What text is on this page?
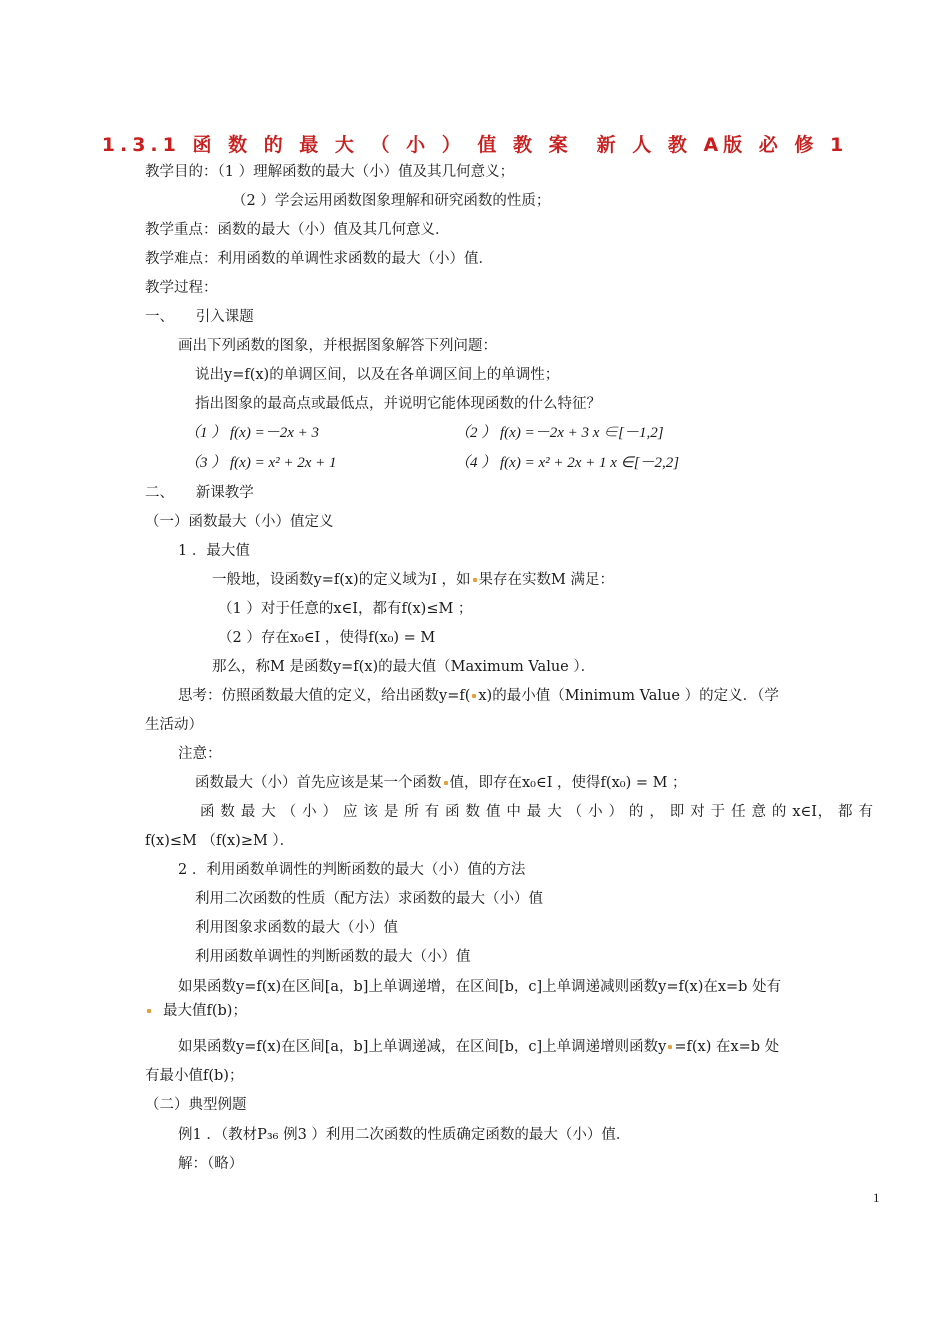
1.3.1 函 数 的 最 大 （ 小 ） 值 教 案　新 人 教 A版 必 修 1
教学目的：（1 ）理解函数的最大（小）值及其几何意义；
（2 ）学会运用函数图象理解和研究函数的性质；
教学重点：函数的最大（小）值及其几何意义．
教学难点：利用函数的单调性求函数的最大（小）值．
教学过程：
一、　　引入课题
画出下列函数的图象，并根据图象解答下列问题：
说出y=f(x)的单调区间，以及在各单调区间上的单调性；
指出图象的最高点或最低点，并说明它能体现函数的什么特征？
（1 ） f(x) =－2x + 3	（2 ） f(x) =－2x + 3 x ∈[－1,2]
（3 ） f(x) = x² + 2x + 1	（4 ） f(x) = x² + 2x + 1 x ∈[－2,2]
二、　　新课教学
（一）函数最大（小）值定义
1 ．最大值
一般地，设函数y=f(x)的定义域为I ，如 果存在实数M 满足：
（1 ）对于任意的x∈I，都有f(x)≤M ；
（2 ）存在x₀∈I ，使得f(x₀) = M
那么，称M 是函数y=f(x)的最大值（Maximum Value ）．
思考：仿照函数最大值的定义，给出函数y=f( x)的最小值（Minimum Value ）的定义．（学
生活动）
注意：
函数最大（小）首先应该是某一个函数 值，即存在x₀∈I ，使得f(x₀) = M ；
函 数 最 大 （ 小 ） 应 该 是 所 有 函 数 值 中 最 大 （ 小 ） 的 ， 即 对 于 任 意 的 x∈I， 都 有
f(x)≤M （f(x)≥M ）．
2 ．利用函数单调性的判断函数的最大（小）值的方法
利用二次函数的性质（配方法）求函数的最大（小）值
利用图象求函数的最大（小）值
利用函数单调性的判断函数的最大（小）值
如果函数y=f(x)在区间[a，b]上单调递增，在区间[b，c]上单调递减则函数y=f(x)在x=b 处有
最大值f(b)；
如果函数y=f(x)在区间[a，b]上单调递减，在区间[b，c]上单调递增则函数y =f(x) 在x=b 处
有最小值f(b)；
（二）典型例题
例1 ．（教材P₃₆ 例3 ）利用二次函数的性质确定函数的最大（小）值．
解：（略）
1
